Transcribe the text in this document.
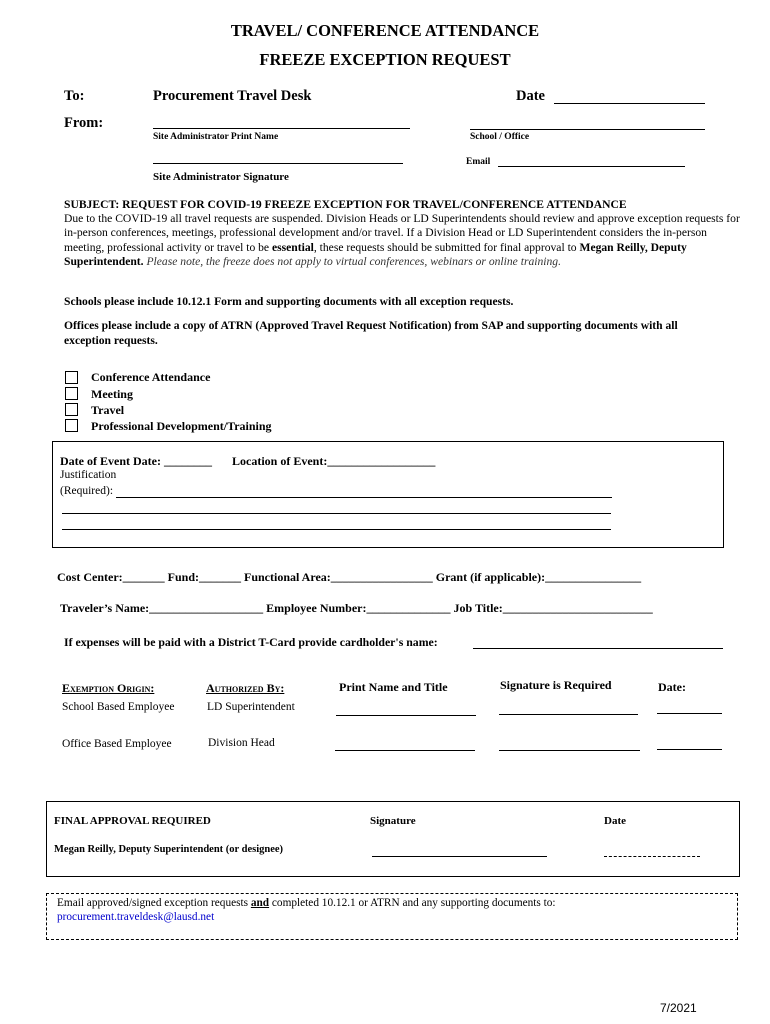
TRAVEL/ CONFERENCE ATTENDANCE
FREEZE EXCEPTION REQUEST
To:	Procurement Travel Desk	Date
From:
Site Administrator Print Name	School / Office
Email
Site Administrator Signature
SUBJECT: REQUEST FOR COVID-19 FREEZE EXCEPTION FOR TRAVEL/CONFERENCE ATTENDANCE
Due to the COVID-19 all travel requests are suspended. Division Heads or LD Superintendents should review and approve exception requests for in-person conferences, meetings, professional development and/or travel. If a Division Head or LD Superintendent considers the in-person meeting, professional activity or travel to be essential, these requests should be submitted for final approval to Megan Reilly, Deputy Superintendent. Please note, the freeze does not apply to virtual conferences, webinars or online training.
Schools please include 10.12.1 Form and supporting documents with all exception requests.
Offices please include a copy of ATRN (Approved Travel Request Notification) from SAP and supporting documents with all exception requests.
Conference Attendance
Meeting
Travel
Professional Development/Training
Date of Event Date: ________ Location of Event:__________________
Justification
(Required):
Cost Center:_______ Fund:_______ Functional Area:_________________ Grant (if applicable):________________
Traveler’s Name:___________________ Employee Number:______________ Job Title:_________________________
If expenses will be paid with a District T-Card provide cardholder's name:
Exemption Origin:	Authorized By:	Print Name and Title	Signature is Required	Date:
School Based Employee	LD Superintendent
Office Based Employee	Division Head
FINAL APPROVAL REQUIRED	Signature	Date
Megan Reilly, Deputy Superintendent (or designee)
Email approved/signed exception requests and completed 10.12.1 or ATRN and any supporting documents to:
procurement.traveldesk@lausd.net
7/2021
